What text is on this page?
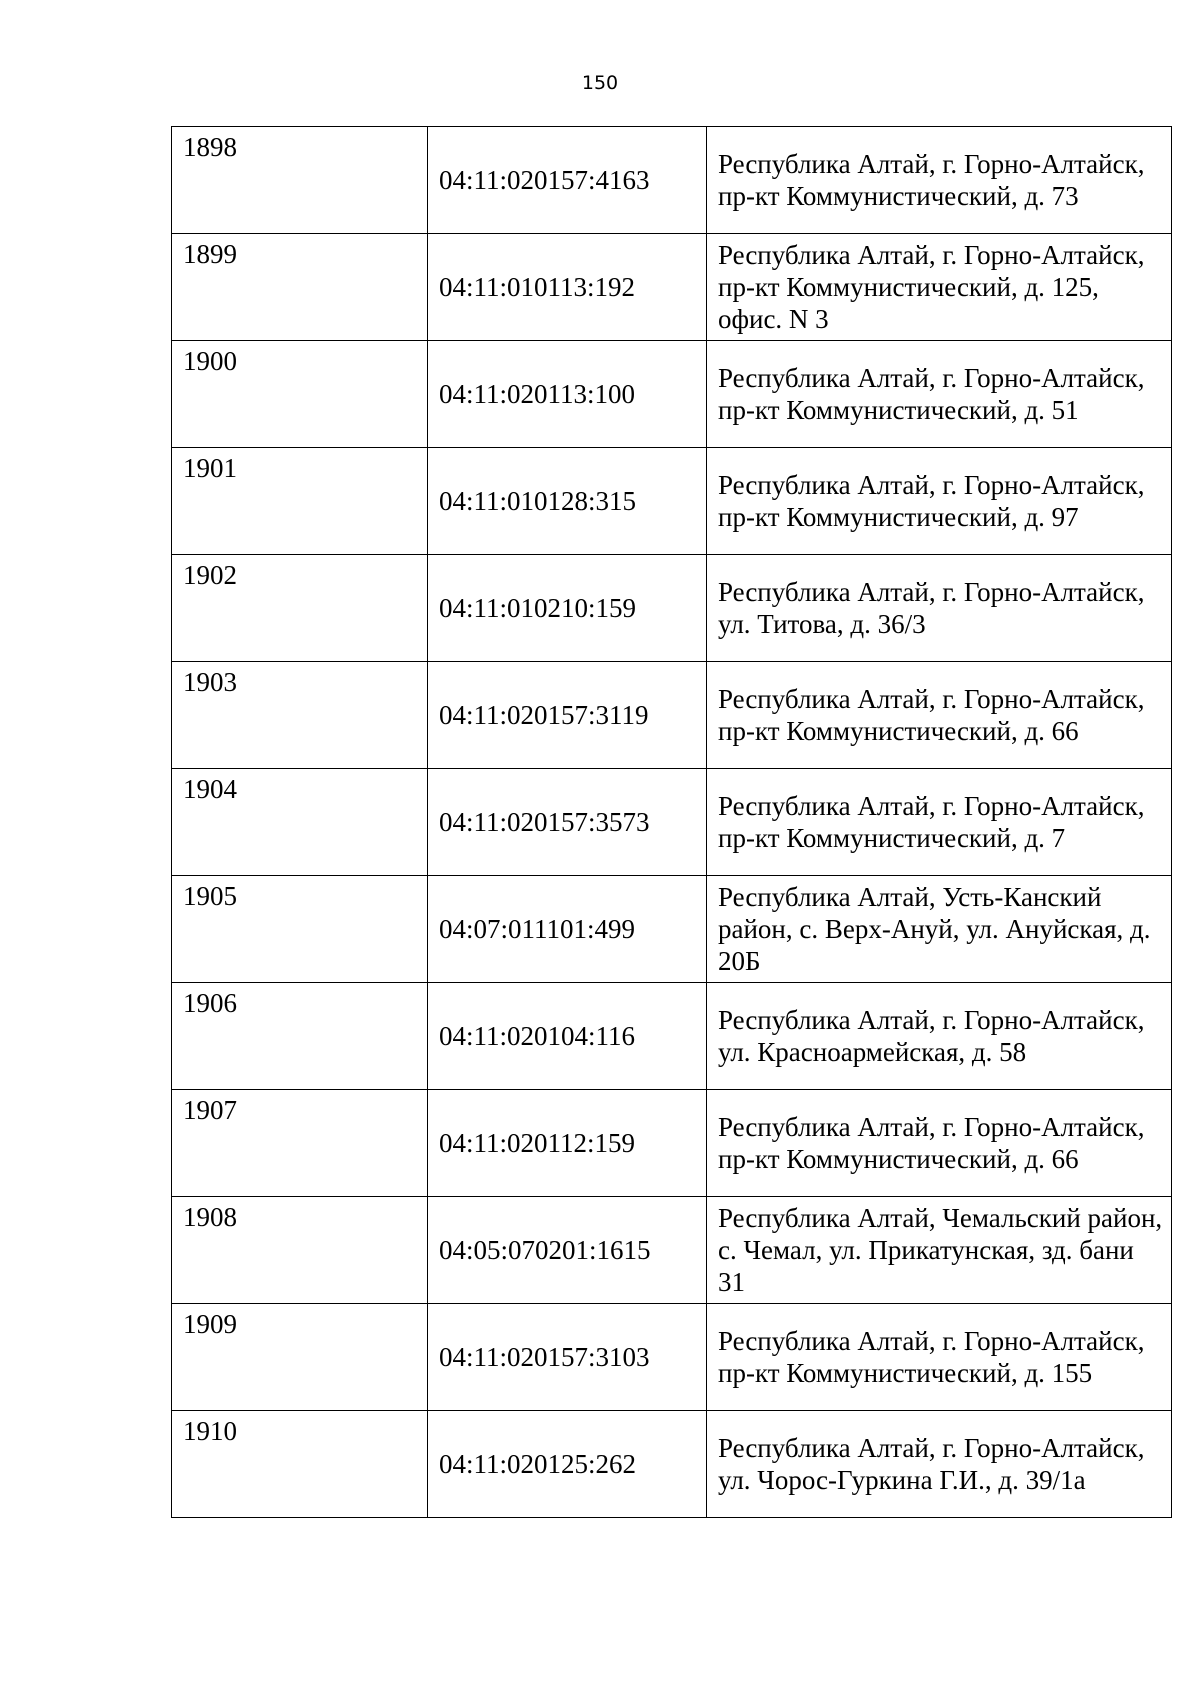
150
1898	04:11:020157:4163	Республика Алтай, г. Горно-Алтайск, пр-кт Коммунистический, д. 73
1899	04:11:010113:192	Республика Алтай, г. Горно-Алтайск, пр-кт Коммунистический, д. 125, офис. N 3
1900	04:11:020113:100	Республика Алтай, г. Горно-Алтайск, пр-кт Коммунистический, д. 51
1901	04:11:010128:315	Республика Алтай, г. Горно-Алтайск, пр-кт Коммунистический, д. 97
1902	04:11:010210:159	Республика Алтай, г. Горно-Алтайск, ул. Титова, д. 36/3
1903	04:11:020157:3119	Республика Алтай, г. Горно-Алтайск, пр-кт Коммунистический, д. 66
1904	04:11:020157:3573	Республика Алтай, г. Горно-Алтайск, пр-кт Коммунистический, д. 7
1905	04:07:011101:499	Республика Алтай, Усть-Канский район, с. Верх-Ануй, ул. Ануйская, д. 20Б
1906	04:11:020104:116	Республика Алтай, г. Горно-Алтайск, ул. Красноармейская, д. 58
1907	04:11:020112:159	Республика Алтай, г. Горно-Алтайск, пр-кт Коммунистический, д. 66
1908	04:05:070201:1615	Республика Алтай, Чемальский район, с. Чемал, ул. Прикатунская, зд. бани 31
1909	04:11:020157:3103	Республика Алтай, г. Горно-Алтайск, пр-кт Коммунистический, д. 155
1910	04:11:020125:262	Республика Алтай, г. Горно-Алтайск, ул. Чорос-Гуркина Г.И., д. 39/1а
